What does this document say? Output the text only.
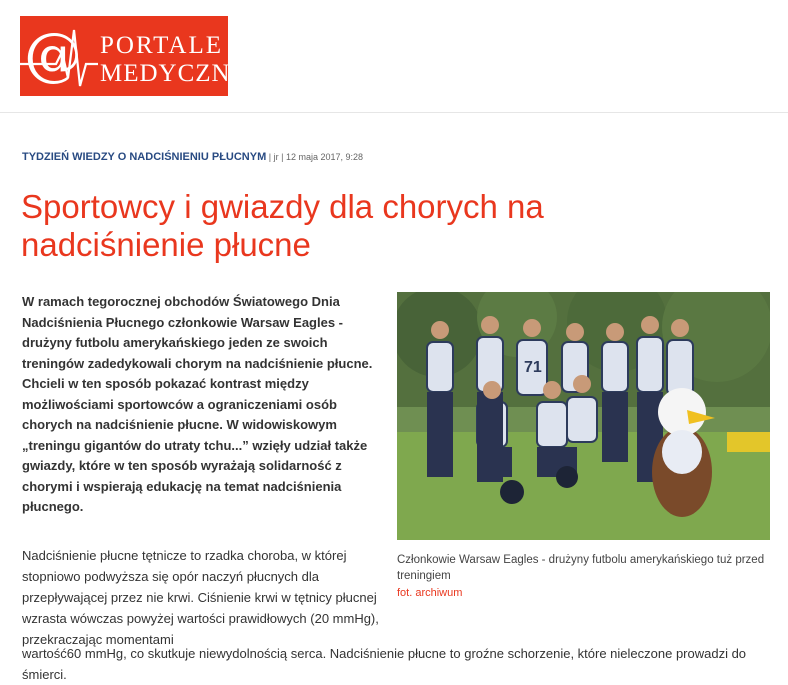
@ PORTALE
MEDYCZNE
TYDZIEŃ WIEDZY O NADCIŚNIENIU PŁUCNYM | jr | 12 maja 2017, 9:28
Sportowcy i gwiazdy dla chorych na nadciśnienie płucne
W ramach tegorocznej obchodów Światowego Dnia Nadciśnienia Płucnego członkowie Warsaw Eagles - drużyny futbolu amerykańskiego jeden ze swoich treningów zadedykowali chorym na nadciśnienie płucne. Chcieli w ten sposób pokazać kontrast między możliwościami sportowców a ograniczeniami osób chorych na nadciśnienie płucne. W widowiskowym „treningu gigantów do utraty tchu...” wzięły udział także gwiazdy, które w ten sposób wyrażają solidarność z chorymi i wspierają edukację na temat nadciśnienia płucnego.
71
Członkowie Warsaw Eagles - drużyny futbolu amerykańskiego tuż przed treningiem
fot. archiwum
Nadciśnienie płucne tętnicze to rzadka choroba, w której stopniowo podwyższa się opór naczyń płucnych dla przepływającej przez nie krwi. Ciśnienie krwi w tętnicy płucnej wzrasta wówczas powyżej wartości prawidłowych (20 mmHg), przekraczając momentami
wartość60 mmHg, co skutkuje niewydolnością serca. Nadciśnienie płucne to groźne schorzenie, które nieleczone prowadzi do śmierci.
